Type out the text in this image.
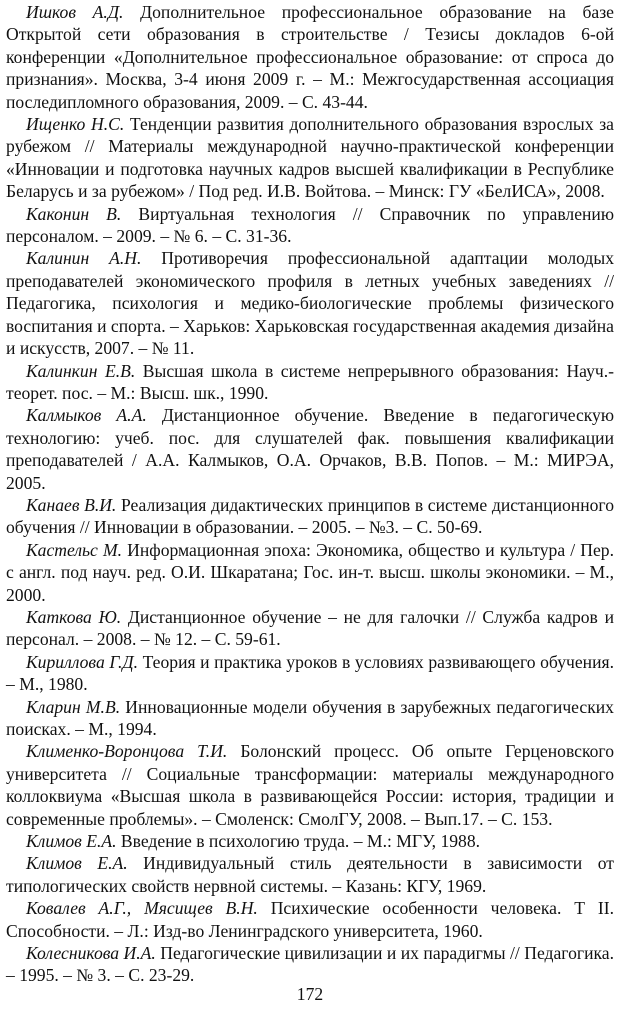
Ишков А.Д. Дополнительное профессиональное образование на базе Открытой сети образования в строительстве / Тезисы докладов 6-ой конференции «Дополнительное профессиональное образование: от спроса до признания». Москва, 3-4 июня 2009 г. – М.: Межгосударственная ассоциация последипломного образования, 2009. – С. 43-44.

Ищенко Н.С. Тенденции развития дополнительного образования взрослых за рубежом // Материалы международной научно-практической конференции «Инновации и подготовка научных кадров высшей квалификации в Республике Беларусь и за рубежом» / Под ред. И.В. Войтова. – Минск: ГУ «БелИСА», 2008.

Каконин В. Виртуальная технология // Справочник по управлению персоналом. – 2009. – № 6. – С. 31-36.

Калинин А.Н. Противоречия профессиональной адаптации молодых преподавателей экономического профиля в летных учебных заведениях // Педагогика, психология и медико-биологические проблемы физического воспитания и спорта. – Харьков: Харьковская государственная академия дизайна и искусств, 2007. – № 11.

Калинкин Е.В. Высшая школа в системе непрерывного образования: Науч.-теорет. пос. – М.: Высш. шк., 1990.

Калмыков А.А. Дистанционное обучение. Введение в педагогическую технологию: учеб. пос. для слушателей фак. повышения квалификации преподавателей / А.А. Калмыков, О.А. Орчаков, В.В. Попов. – М.: МИРЭА, 2005.

Канаев В.И. Реализация дидактических принципов в системе дистанционного обучения // Инновации в образовании. – 2005. – №3. – С. 50-69.

Кастельс М. Информационная эпоха: Экономика, общество и культура / Пер. с англ. под науч. ред. О.И. Шкаратана; Гос. ин-т. высш. школы экономики. – М., 2000.

Каткова Ю. Дистанционное обучение – не для галочки // Служба кадров и персонал. – 2008. – № 12. – С. 59-61.

Кириллова Г.Д. Теория и практика уроков в условиях развивающего обучения. – М., 1980.

Кларин М.В. Инновационные модели обучения в зарубежных педагогических поисках. – М., 1994.

Клименко-Воронцова Т.И. Болонский процесс. Об опыте Герценовского университета // Социальные трансформации: материалы международного коллоквиума «Высшая школа в развивающейся России: история, традиции и современные проблемы». – Смоленск: СмолГУ, 2008. – Вып.17. – С. 153.

Климов Е.А. Введение в психологию труда. – М.: МГУ, 1988.

Климов Е.А. Индивидуальный стиль деятельности в зависимости от типологических свойств нервной системы. – Казань: КГУ, 1969.

Ковалев А.Г., Мясищев В.Н. Психические особенности человека. Т II. Способности. – Л.: Изд-во Ленинградского университета, 1960.

Колесникова И.А. Педагогические цивилизации и их парадигмы // Педагогика. – 1995. – № 3. – С. 23-29.

172
